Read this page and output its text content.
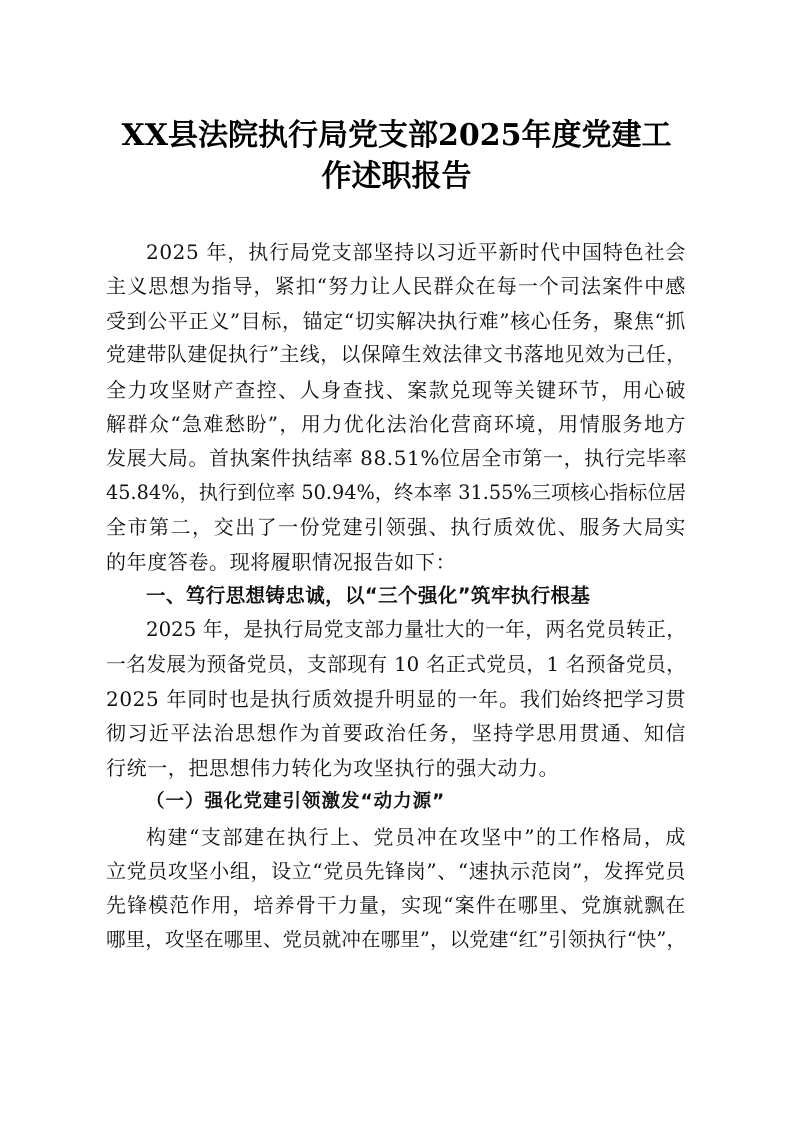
XX县法院执行局党支部2025年度党建工
作述职报告
2025 年，执行局党支部坚持以习近平新时代中国特色社会
主义思想为指导，紧扣“努力让人民群众在每一个司法案件中感
受到公平正义”目标，锚定“切实解决执行难”核心任务，聚焦“抓
党建带队建促执行”主线，以保障生效法律文书落地见效为己任，
全力攻坚财产查控、人身查找、案款兑现等关键环节，用心破
解群众“急难愁盼”，用力优化法治化营商环境，用情服务地方
发展大局。首执案件执结率 88.51%位居全市第一，执行完毕率
45.84%，执行到位率 50.94%，终本率 31.55%三项核心指标位居
全市第二，交出了一份党建引领强、执行质效优、服务大局实
的年度答卷。现将履职情况报告如下：
一、笃行思想铸忠诚，以“三个强化”筑牢执行根基
2025 年，是执行局党支部力量壮大的一年，两名党员转正，
一名发展为预备党员，支部现有 10 名正式党员，1 名预备党员，
2025 年同时也是执行质效提升明显的一年。我们始终把学习贯
彻习近平法治思想作为首要政治任务，坚持学思用贯通、知信
行统一，把思想伟力转化为攻坚执行的强大动力。
（一）强化党建引领激发“动力源”
构建“支部建在执行上、党员冲在攻坚中”的工作格局，成
立党员攻坚小组，设立“党员先锋岗”、“速执示范岗”，发挥党员
先锋模范作用，培养骨干力量，实现“案件在哪里、党旗就飘在
哪里，攻坚在哪里、党员就冲在哪里”，以党建“红”引领执行“快”，
